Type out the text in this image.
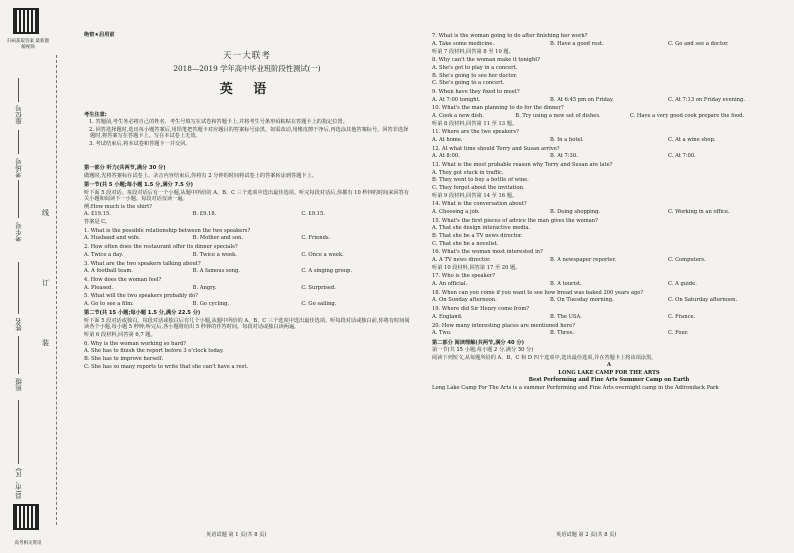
扫码获取答案 最新题解视频
座位号
考场号
考生号
姓名
班级
县(市、区)
线
订
装
高考相关资讯
绝密★启用前
天一大联考
2018—2019 学年高中毕业班阶段性测试(一)
英 语
考生注意:

1. 答题前,考生务必将自己的姓名、考生号填写在试卷和答题卡上,并将考生号条形码粘贴在答题卡上的指定位置。

2. 回答选择题时,选出每小题答案后,用铅笔把答题卡对应题目的答案标号涂黑。如需改动,用橡皮擦干净后,再选涂其他答案标号。回答非选择题时,将答案写在答题卡上。写在本试卷上无效。

3. 考试结束后,将本试卷和答题卡一并交回。

第一部分 听力(共两节,满分 30 分)

做题时,先将答案标在试卷上。录音内容结束后,你将有 2 分钟的时间将试卷上的答案转涂到答题卡上。

第一节(共 5 小题;每小题 1.5 分,满分 7.5 分)

听下面 5 段对话。每段对话后有一个小题,从题中所给的 A、B、C 三个选项中选出最佳选项。听完每段对话后,你都有 10 秒钟的时间来回答有关小题和阅读下一小题。每段对话仅读一遍。

例:How much is the shirt?

A. £19.15.	B. £9.18.	C. £9.15.

答案是 C。

1. What is the possible relationship between the two speakers?

A. Husband and wife.	B. Mother and son.	C. Friends.

2. How often does the restaurant offer its dinner specials?

A. Twice a day.	B. Twice a week.	C. Once a week.

3. What are the two speakers talking about?

A. A football team.	B. A famous song.	C. A singing group.

4. How does the woman feel?

A. Pleased.	B. Angry.	C. Surprised.

5. What will the two speakers probably do?

A. Go to see a film.	B. Go cycling.	C. Go sailing.
第二节(共 15 小题;每小题 1.5 分,满分 22.5 分)

听下面 5 段对话或独白。每段对话或独白后有几个小题,从题中所给的 A、B、C 三个选项中选出最佳选项。听每段对话或独白前,你将有时间阅读各个小题,每小题 5 秒钟;听完后,各小题将给出 5 秒钟的作答时间。每段对话或独白读两遍。

听第 6 段材料,回答第 6,7 题。

6. Why is the woman working so hard?

A. She has to finish the report before 3 o'clock today.

B. She has to improve herself.

C. She has so many reports to write that she can't have a rest.

英语试题 第 1 页(共 8 页)

7. What is the woman going to do after finishing her work?

A. Take some medicine.	B. Have a good rest.	C. Go and see a doctor.

听第 7 段材料,回答第 8 至 10 题。

8. Why can't the woman make it tonight?

A. She's got to play in a concert.

B. She's going to see her doctor.

C. She's going to a concert.

9. When have they fixed to meet?

A. At 7:00 tonight.	B. At 6:45 pm on Friday.	C. At 7:13 on Friday evening.

10. What's the man planning to do for the dinner?

A. Cook a new dish.	B. Try using a new set of dishes.	C. Have a very good cook prepare the food.

听第 8 段材料,回答第 11 至 13 题。

11. Where are the two speakers?

A. At home.	B. In a hotel.	C. At a wine shop.

12. At what time should Terry and Susan arrive?

A. At 8:00.	B. At 7:30.	C. At 7:00.

13. What is the most probable reason why Terry and Susan are late?

A. They got stuck in traffic.

B. They went to buy a bottle of wine.

C. They forgot about the invitation.

听第 9 段材料,回答第 14 至 16 题。

14. What is the conversation about?

A. Choosing a job.	B. Doing shopping.	C. Working in an office.

15. What's the first pieces of advice the man gives the woman?

A. That she design interactive media.

B. That she be a TV news director.

C. That she be a novelist.

16. What's the woman most interested in?

A. A TV news director.	B. A newspaper reporter.	C. Computers.

听第 10 段材料,回答第 17 至 20 题。

17. Who is the speaker?

A. An official.	B. A tourist.	C. A guide.

18. When can you come if you want to see how bread was baked 200 years ago?

A. On Sunday afternoon.	B. On Tuesday morning.	C. On Saturday afternoon.

19. Where did Sir Henry come from?

A. England.	B. The USA.	C. France.

20. How many interesting places are mentioned here?

A. Two.	B. Three.	C. Four.
第二部分 阅读理解(共两节,满分 40 分)
第一节(共 15 小题;每小题 2 分,满分 30 分)

阅读下列短文,从每题所给的 A、B、C 和 D 四个选项中,选出最佳选项,并在答题卡上将该项涂黑。

A

LONG LAKE CAMP FOR THE ARTS

Best Performing and Fine Arts Summer Camp on Earth

Long Lake Camp For The Arts is a summer Performing and Fine Arts overnight camp in the Adirondack Park

英语试题 第 2 页(共 8 页)
